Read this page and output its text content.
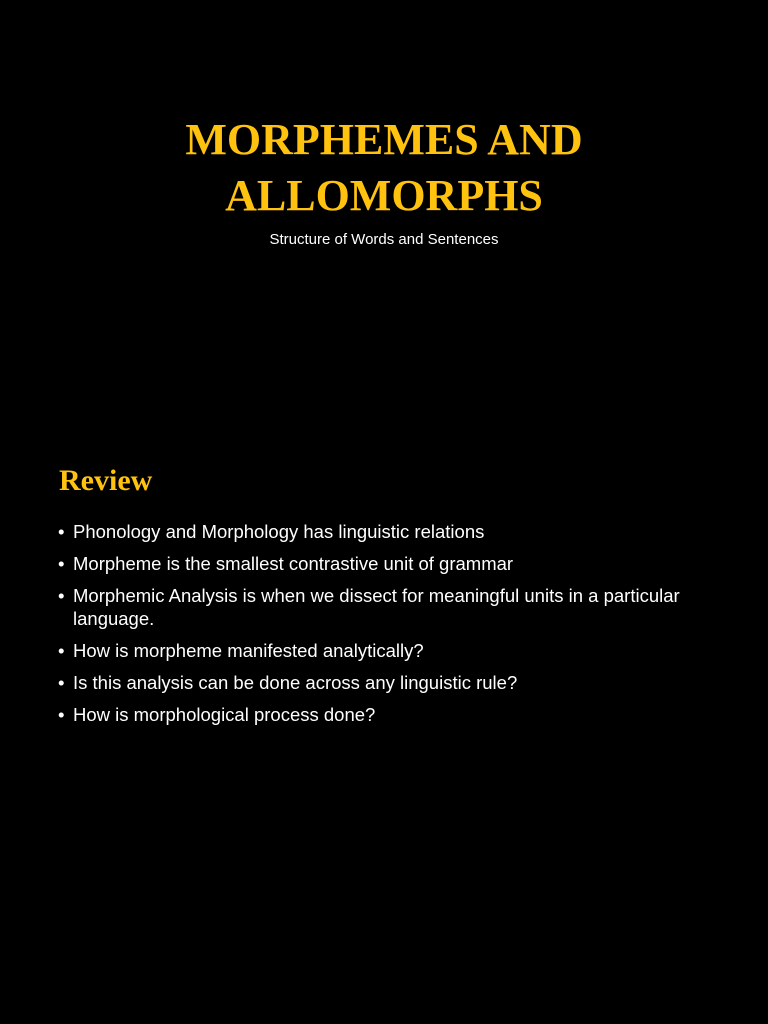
MORPHEMES AND
ALLOMORPHS
Structure of Words and Sentences
Review
• Phonology and Morphology has linguistic relations
• Morpheme is the smallest contrastive unit of grammar
• Morphemic Analysis is when we dissect for meaningful units in a particular language.
• How is morpheme manifested analytically?
• Is this analysis can be done across any linguistic rule?
• How is morphological process done?
